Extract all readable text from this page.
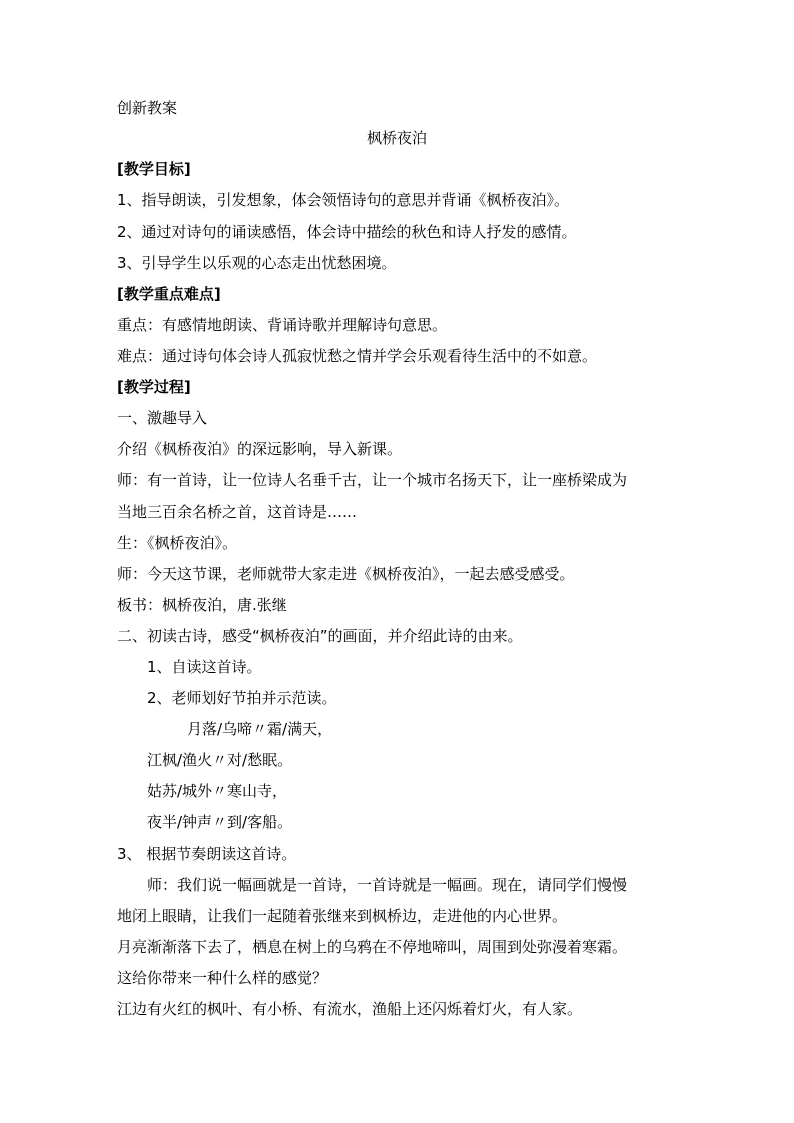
创新教案
枫桥夜泊
[教学目标]
1、指导朗读，引发想象，体会领悟诗句的意思并背诵《枫桥夜泊》。
2、通过对诗句的诵读感悟，体会诗中描绘的秋色和诗人抒发的感情。
3、引导学生以乐观的心态走出忧愁困境。
[教学重点难点]
重点：有感情地朗读、背诵诗歌并理解诗句意思。
难点：通过诗句体会诗人孤寂忧愁之情并学会乐观看待生活中的不如意。
[教学过程]
一、激趣导入
介绍《枫桥夜泊》的深远影响，导入新课。
师：有一首诗，让一位诗人名垂千古，让一个城市名扬天下，让一座桥梁成为
当地三百余名桥之首，这首诗是……
生：《枫桥夜泊》。
师：今天这节课，老师就带大家走进《枫桥夜泊》，一起去感受感受。
板书：枫桥夜泊，唐.张继
二、初读古诗，感受“枫桥夜泊”的画面，并介绍此诗的由来。
1、自读这首诗。
2、老师划好节拍并示范读。
月落/乌啼〃霜/满天，
江枫/渔火〃对/愁眠。
姑苏/城外〃寒山寺，
夜半/钟声〃到/客船。
3、 根据节奏朗读这首诗。
师：我们说一幅画就是一首诗，一首诗就是一幅画。现在，请同学们慢慢
地闭上眼睛，让我们一起随着张继来到枫桥边，走进他的内心世界。
月亮渐渐落下去了，栖息在树上的乌鸦在不停地啼叫，周围到处弥漫着寒霜。
这给你带来一种什么样的感觉？
江边有火红的枫叶、有小桥、有流水，渔船上还闪烁着灯火，有人家。
